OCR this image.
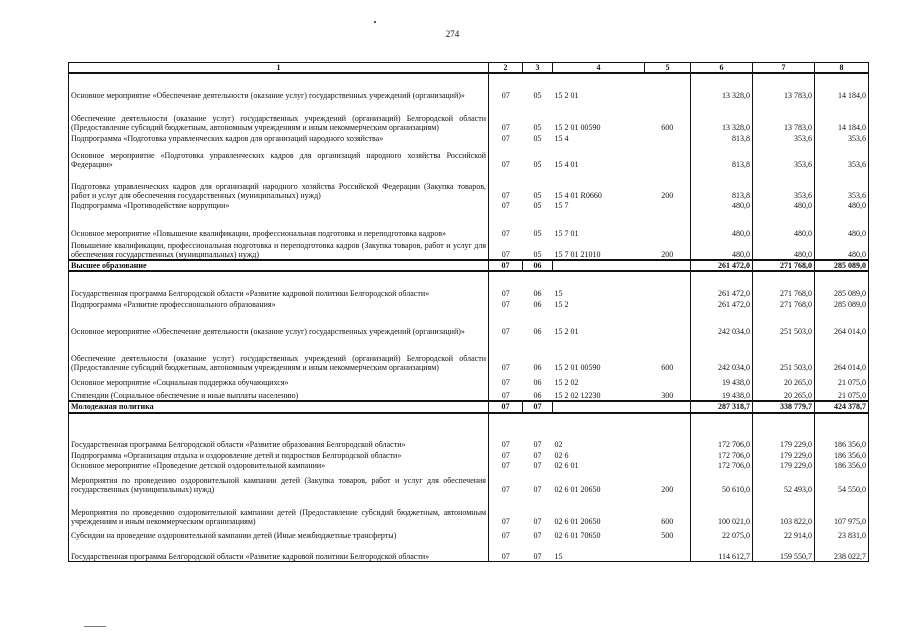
274
1	2	3	4	5	6	7	8
Основное мероприятие «Обеспечение деятельности (оказание услуг) государственных учреждений (организаций)»	07	05	15 2 01		13 328,0	13 783,0	14 184,0
Обеспечение деятельности (оказание услуг) государственных учреждений (организаций) Белгородской области (Предоставление субсидий бюджетным, автономным учреждениям и иным некоммерческим организациям)	07	05	15 2 01 00590	600	13 328,0	13 783,0	14 184,0
Подпрограмма «Подготовка управленческих кадров для организаций народного хозяйства»	07	05	15 4		813,8	353,6	353,6
Основное мероприятие «Подготовка управленческих кадров для организаций народного хозяйства Российской Федерации»	07	05	15 4 01		813,8	353,6	353,6
Подготовка управленческих кадров для организаций народного хозяйства Российской Федерации (Закупка товаров, работ и услуг для обеспечения государственных (муниципальных) нужд)	07	05	15 4 01 R0660	200	813,8	353,6	353,6
Подпрограмма «Противодействие коррупции»	07	05	15 7		480,0	480,0	480,0
Основное мероприятие «Повышение квалификации, профессиональная подготовка и переподготовка кадров»	07	05	15 7 01		480,0	480,0	480,0
Повышение квалификации, профессиональная подготовка и переподготовка кадров (Закупка товаров, работ и услуг для обеспечения государственных (муниципальных) нужд)	07	05	15 7 01 21010	200	480,0	480,0	480,0
Высшее образование	07	06			261 472,0	271 768,0	285 089,0
Государственная программа Белгородской области «Развитие кадровой политики Белгородской области»	07	06	15		261 472,0	271 768,0	285 089,0
Подпрограмма «Развитие профессионального образования»	07	06	15 2		261 472,0	271 768,0	285 089,0
Основное мероприятие «Обеспечение деятельности (оказание услуг) государственных учреждений (организаций)»	07	06	15 2 01		242 034,0	251 503,0	264 014,0
Обеспечение деятельности (оказание услуг) государственных учреждений (организаций) Белгородской области (Предоставление субсидий бюджетным, автономным учреждениям и иным некоммерческим организациям)	07	06	15 2 01 00590	600	242 034,0	251 503,0	264 014,0
Основное мероприятие «Социальная поддержка обучающихся»	07	06	15 2 02		19 438,0	20 265,0	21 075,0
Стипендии (Социальное обеспечение и иные выплаты населению)	07	06	15 2 02 12230	300	19 438,0	20 265,0	21 075,0
Молодежная политика	07	07			287 318,7	338 779,7	424 378,7
Государственная программа Белгородской области «Развитие образования Белгородской области»	07	07	02		172 706,0	179 229,0	186 356,0
Подпрограмма «Организация отдыха и оздоровление детей и подростков Белгородской области»	07	07	02 6		172 706,0	179 229,0	186 356,0
Основное мероприятие «Проведение детской оздоровительной кампании»	07	07	02 6 01		172 706,0	179 229,0	186 356,0
Мероприятия по проведению оздоровительной кампании детей (Закупка товаров, работ и услуг для обеспечения государственных (муниципальных) нужд)	07	07	02 6 01 20650	200	50 610,0	52 493,0	54 550,0
Мероприятия по проведению оздоровительной кампании детей (Предоставление субсидий бюджетным, автономным учреждениям и иным некоммерческим организациям)	07	07	02 6 01 20650	600	100 021,0	103 822,0	107 975,0
Субсидии на проведение оздоровительной кампании детей (Иные межбюджетные трансферты)	07	07	02 6 01 70650	500	22 075,0	22 914,0	23 831,0
Государственная программа Белгородской области «Развитие кадровой политики Белгородской области»	07	07	15		114 612,7	159 550,7	238 022,7
